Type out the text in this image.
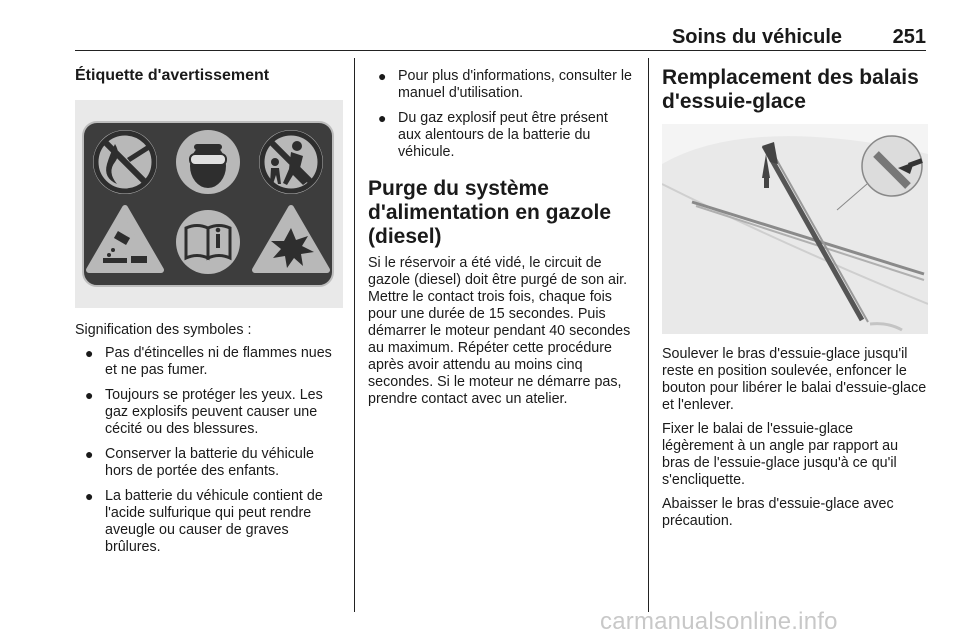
Soins du véhicule	251
Étiquette d'avertissement

Signification des symboles :

● Pas d'étincelles ni de flammes nues et ne pas fumer.
● Toujours se protéger les yeux. Les gaz explosifs peuvent causer une cécité ou des blessures.
● Conserver la batterie du véhicule hors de portée des enfants.
● La batterie du véhicule contient de l'acide sulfurique qui peut rendre aveugle ou causer de graves brûlures.
● Pour plus d'informations, consulter le manuel d'utilisation.
● Du gaz explosif peut être présent aux alentours de la batterie du véhicule.
Purge du système d'alimentation en gazole (diesel)

Si le réservoir a été vidé, le circuit de gazole (diesel) doit être purgé de son air. Mettre le contact trois fois, chaque fois pour une durée de 15 secondes. Puis démarrer le moteur pendant 40 secondes au maximum. Répéter cette procédure après avoir attendu au moins cinq secondes. Si le moteur ne démarre pas, prendre contact avec un atelier.

Remplacement des balais d'essuie-glace

Soulever le bras d'essuie-glace jusqu'il reste en position soulevée, enfoncer le bouton pour libérer le balai d'essuie-glace et l'enlever.

Fixer le balai de l'essuie-glace légèrement à un angle par rapport au bras de l'essuie-glace jusqu'à ce qu'il s'encliquette.

Abaisser le bras d'essuie-glace avec précaution.

carmanualsonline.info
